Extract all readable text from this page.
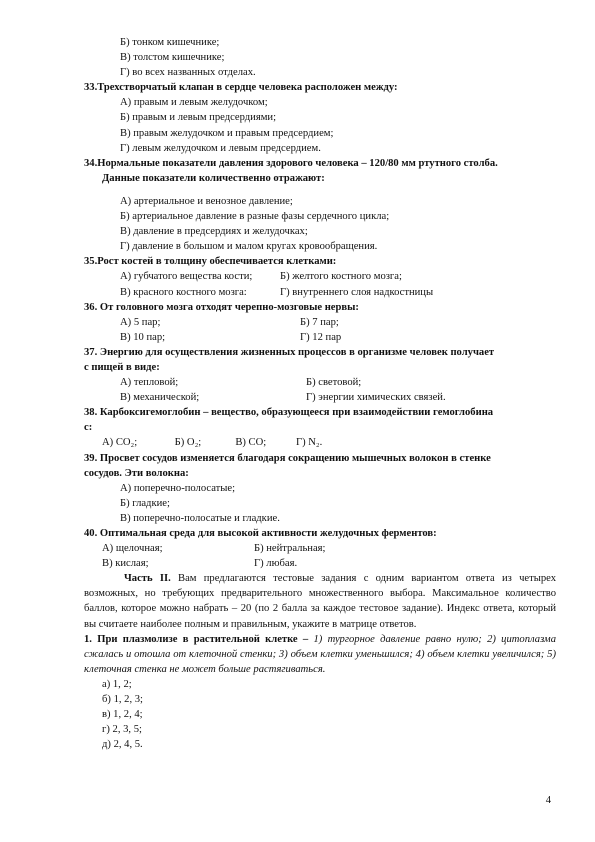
Б) тонком кишечнике;
В) толстом кишечнике;
Г) во всех названных отделах.
33.Трехстворчатый клапан в сердце человека расположен между:
А) правым и левым желудочком;
Б) правым и левым предсердиями;
В) правым желудочком и правым предсердием;
Г) левым желудочком и левым предсердием.
34.Нормальные показатели давления здорового человека – 120/80 мм ртутного столба.
Данные показатели количественно отражают:
А) артериальное и венозное давление;
Б) артериальное давление в разные фазы сердечного цикла;
В) давление в предсердиях и желудочках;
Г) давление в большом и малом кругах кровообращения.
35.Рост костей в толщину обеспечивается клетками:
А) губчатого вещества кости;	Б) желтого костного мозга;
В) красного костного мозга:	Г) внутреннего слоя надкостницы
36. От головного мозга отходят черепно-мозговые нервы:
А) 5 пар;	Б) 7 пар;
В) 10 пар;	Г) 12 пар
37. Энергию для осуществления жизненных процессов в организме человек получает
с пищей в виде:
А) тепловой;	Б) световой;
В) механической;	Г) энергии химических связей.
38. Карбоксигемоглобин – вещество, образующееся при взаимодействии гемоглобина
с:
А) СО₂;	Б) О₂;	В) СО;	Г) N₂.
39. Просвет сосудов изменяется благодаря сокращению мышечных волокон в стенке
сосудов. Эти волокна:
А) поперечно-полосатые;
Б) гладкие;
В) поперечно-полосатые и гладкие.
40. Оптимальная среда для высокой активности желудочных ферментов:
А) щелочная;	Б) нейтральная;
В) кислая;	Г) любая.
Часть II. Вам предлагаются тестовые задания с одним вариантом ответа из четырех возможных, но требующих предварительного множественного выбора. Максимальное количество баллов, которое можно набрать – 20 (по 2 балла за каждое тестовое задание). Индекс ответа, который вы считаете наиболее полным и правильным, укажите в матрице ответов.
1. При плазмолизе в растительной клетке – 1) тургорное давление равно нулю; 2) цитоплазма сжалась и отошла от клеточной стенки; 3) объем клетки уменьшился; 4) объем клетки увеличился; 5) клеточная стенка не может больше растягиваться.
а) 1, 2;
б) 1, 2, 3;
в) 1, 2, 4;
г) 2, 3, 5;
д) 2, 4, 5.
4
